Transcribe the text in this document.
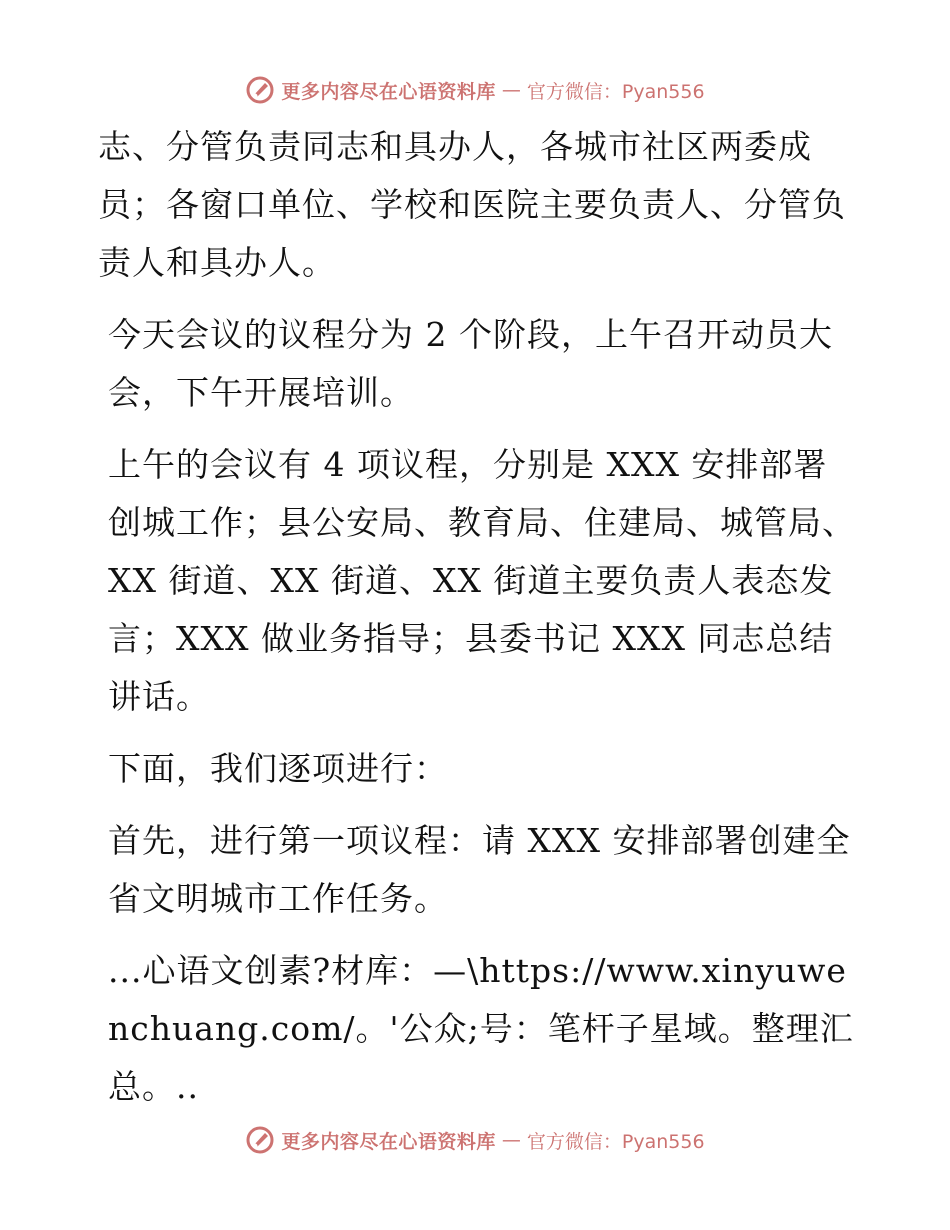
更多内容尽在心语资料库 — 官方微信：Pyan556

志、分管负责同志和具办人，各城市社区两委成员；各窗口单位、学校和医院主要负责人、分管负责人和具办人。

今天会议的议程分为 2 个阶段，上午召开动员大会，下午开展培训。

上午的会议有 4 项议程，分别是 XXX 安排部署创城工作；县公安局、教育局、住建局、城管局、XX 街道、XX 街道、XX 街道主要负责人表态发言；XXX 做业务指导；县委书记 XXX 同志总结讲话。

下面，我们逐项进行：

首先，进行第一项议程：请 XXX 安排部署创建全省文明城市工作任务。

...心语文创素?材库：—\https://www.xinyuwenchuang.com/。'公众;号：笔杆子星域。整理汇总。..

更多内容尽在心语资料库 — 官方微信：Pyan556
